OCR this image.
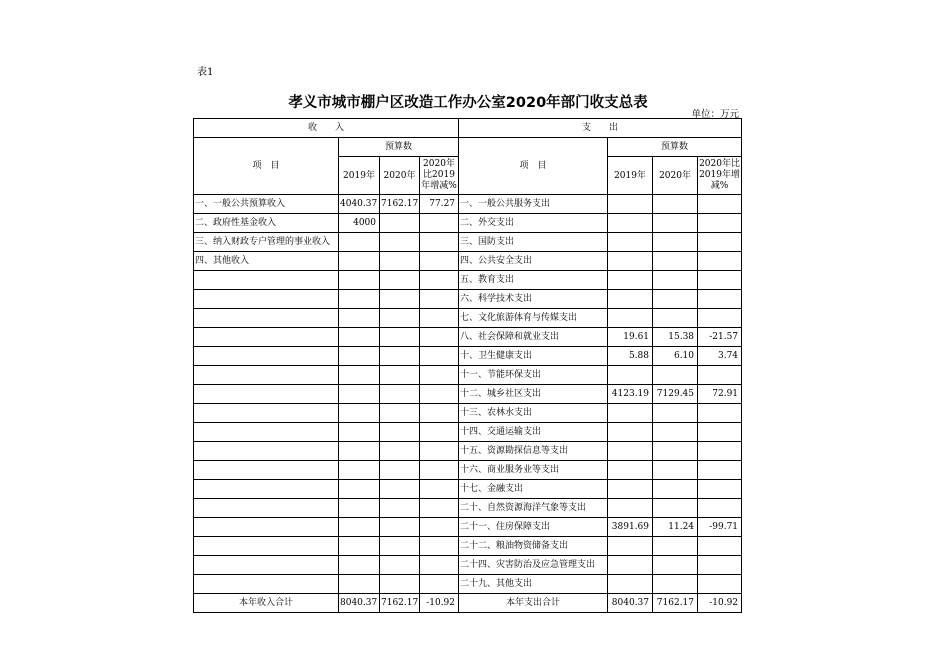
表1
孝义市城市棚户区改造工作办公室2020年部门收支总表
单位：万元
收　　入				支　　出			
项　目	预算数			项　目	预算数		
	2019年	2020年	2020年比2019年增减%		2019年	2020年	2020年比2019年增减%
一、一般公共预算收入	4040.37	7162.17	77.27	一、一般公共服务支出			
二、政府性基金收入	4000			二、外交支出			
三、纳入财政专户管理的事业收入				三、国防支出			
四、其他收入				四、公共安全支出			
				五、教育支出			
				六、科学技术支出			
				七、文化旅游体育与传媒支出			
				八、社会保障和就业支出	19.61	15.38	-21.57
				十、卫生健康支出	5.88	6.10	3.74
				十一、节能环保支出			
				十二、城乡社区支出	4123.19	7129.45	72.91
				十三、农林水支出			
				十四、交通运输支出			
				十五、资源勘探信息等支出			
				十六、商业服务业等支出			
				十七、金融支出			
				二十、自然资源海洋气象等支出			
				二十一、住房保障支出	3891.69	11.24	-99.71
				二十二、粮油物资储备支出			
				二十四、灾害防治及应急管理支出			
				二十九、其他支出			
本年收入合计	8040.37	7162.17	-10.92	本年支出合计	8040.37	7162.17	-10.92
